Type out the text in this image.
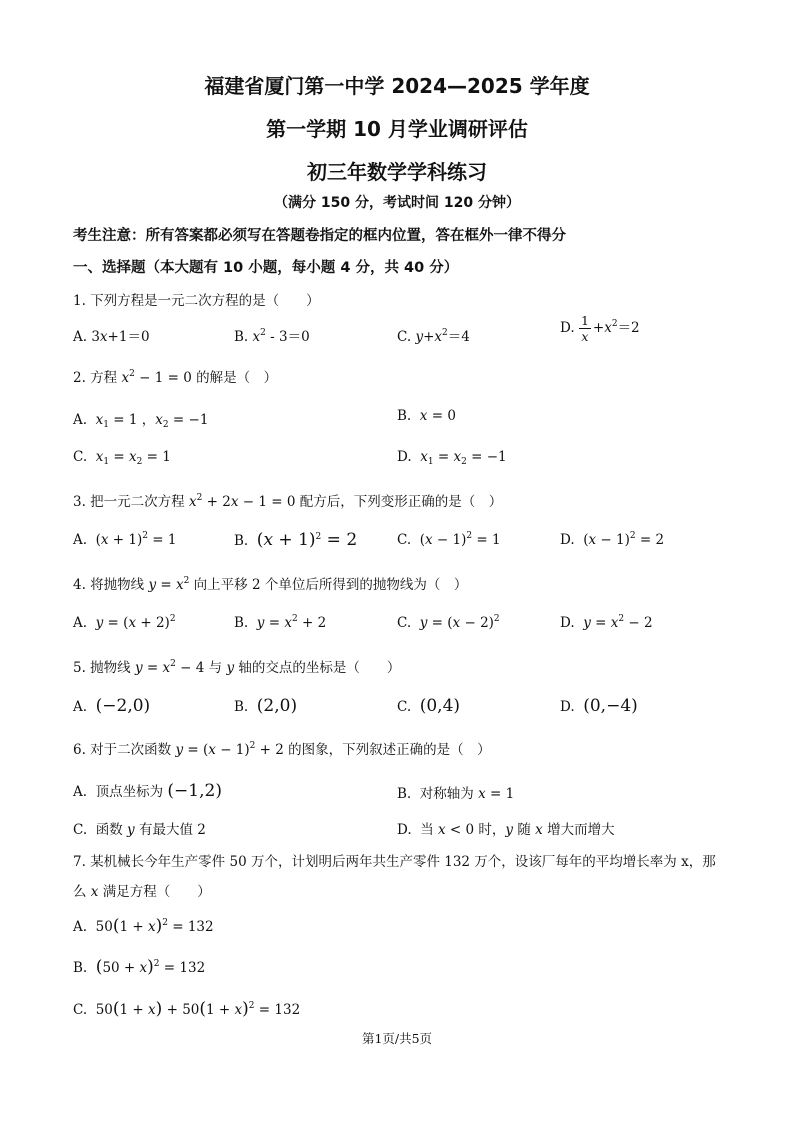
福建省厦门第一中学 2024—2025 学年度
第一学期 10 月学业调研评估
初三年数学学科练习
（满分 150 分，考试时间 120 分钟）
考生注意：所有答案都必须写在答题卷指定的框内位置，答在框外一律不得分
一、选择题（本大题有 10 小题，每小题 4 分，共 40 分）
1. 下列方程是一元二次方程的是（　　）
A. 3x+1＝0	B. $x^2 - 3=0$	C. $y+x^2=4$
D. $\frac{1}{x} +x^2=2$
2. 方程 $x^2 - 1 = 0$ 的解是（　）
A.  $x_1 = 1$ ，$x_2 = -1$	B.  x = 0
C.  $x_1 = x_2 = 1$	D.  $x_1 = x_2 = -1$
3. 把一元二次方程 $x^2 + 2x - 1 = 0$ 配方后，下列变形正确的是（　）
A.  $(x + 1)^2 = 1$	B.  $(x + 1)^2 = 2$	C.  $(x - 1)^2 = 1$	D.  $(x - 1)^2 = 2$
4. 将抛物线 $y = x^2$ 向上平移 2 个单位后所得到的抛物线为（　）
A.  $y = (x + 2)^2$	B.  $y = x^2 + 2$	C.  $y = (x - 2)^2$	D.  $y = x^2 - 2$
5. 抛物线 $y = x^2 - 4$ 与 y 轴的交点的坐标是（　　）
A.  (−2,0)	B.  (2,0)	C.  (0,4)	D.  (0,−4)
6. 对于二次函数 $y = (x - 1)^2 + 2$ 的图象，下列叙述正确的是（　）
A.  顶点坐标为 (−1,2)	B.  对称轴为 x = 1
C.  函数 y 有最大值 2	D.  当 x < 0 时，y 随 x 增大而增大
7. 某机械长今年生产零件 50 万个，计划明后两年共生产零件 132 万个，设该厂每年的平均增长率为 x，那
么 x 满足方程（　　）
A.  $50(1 + x)^2 = 132$
B.  $(50 + x)^2 = 132$
C.  $50(1 + x) + 50(1 + x)^2 = 132$
第1页/共5页
